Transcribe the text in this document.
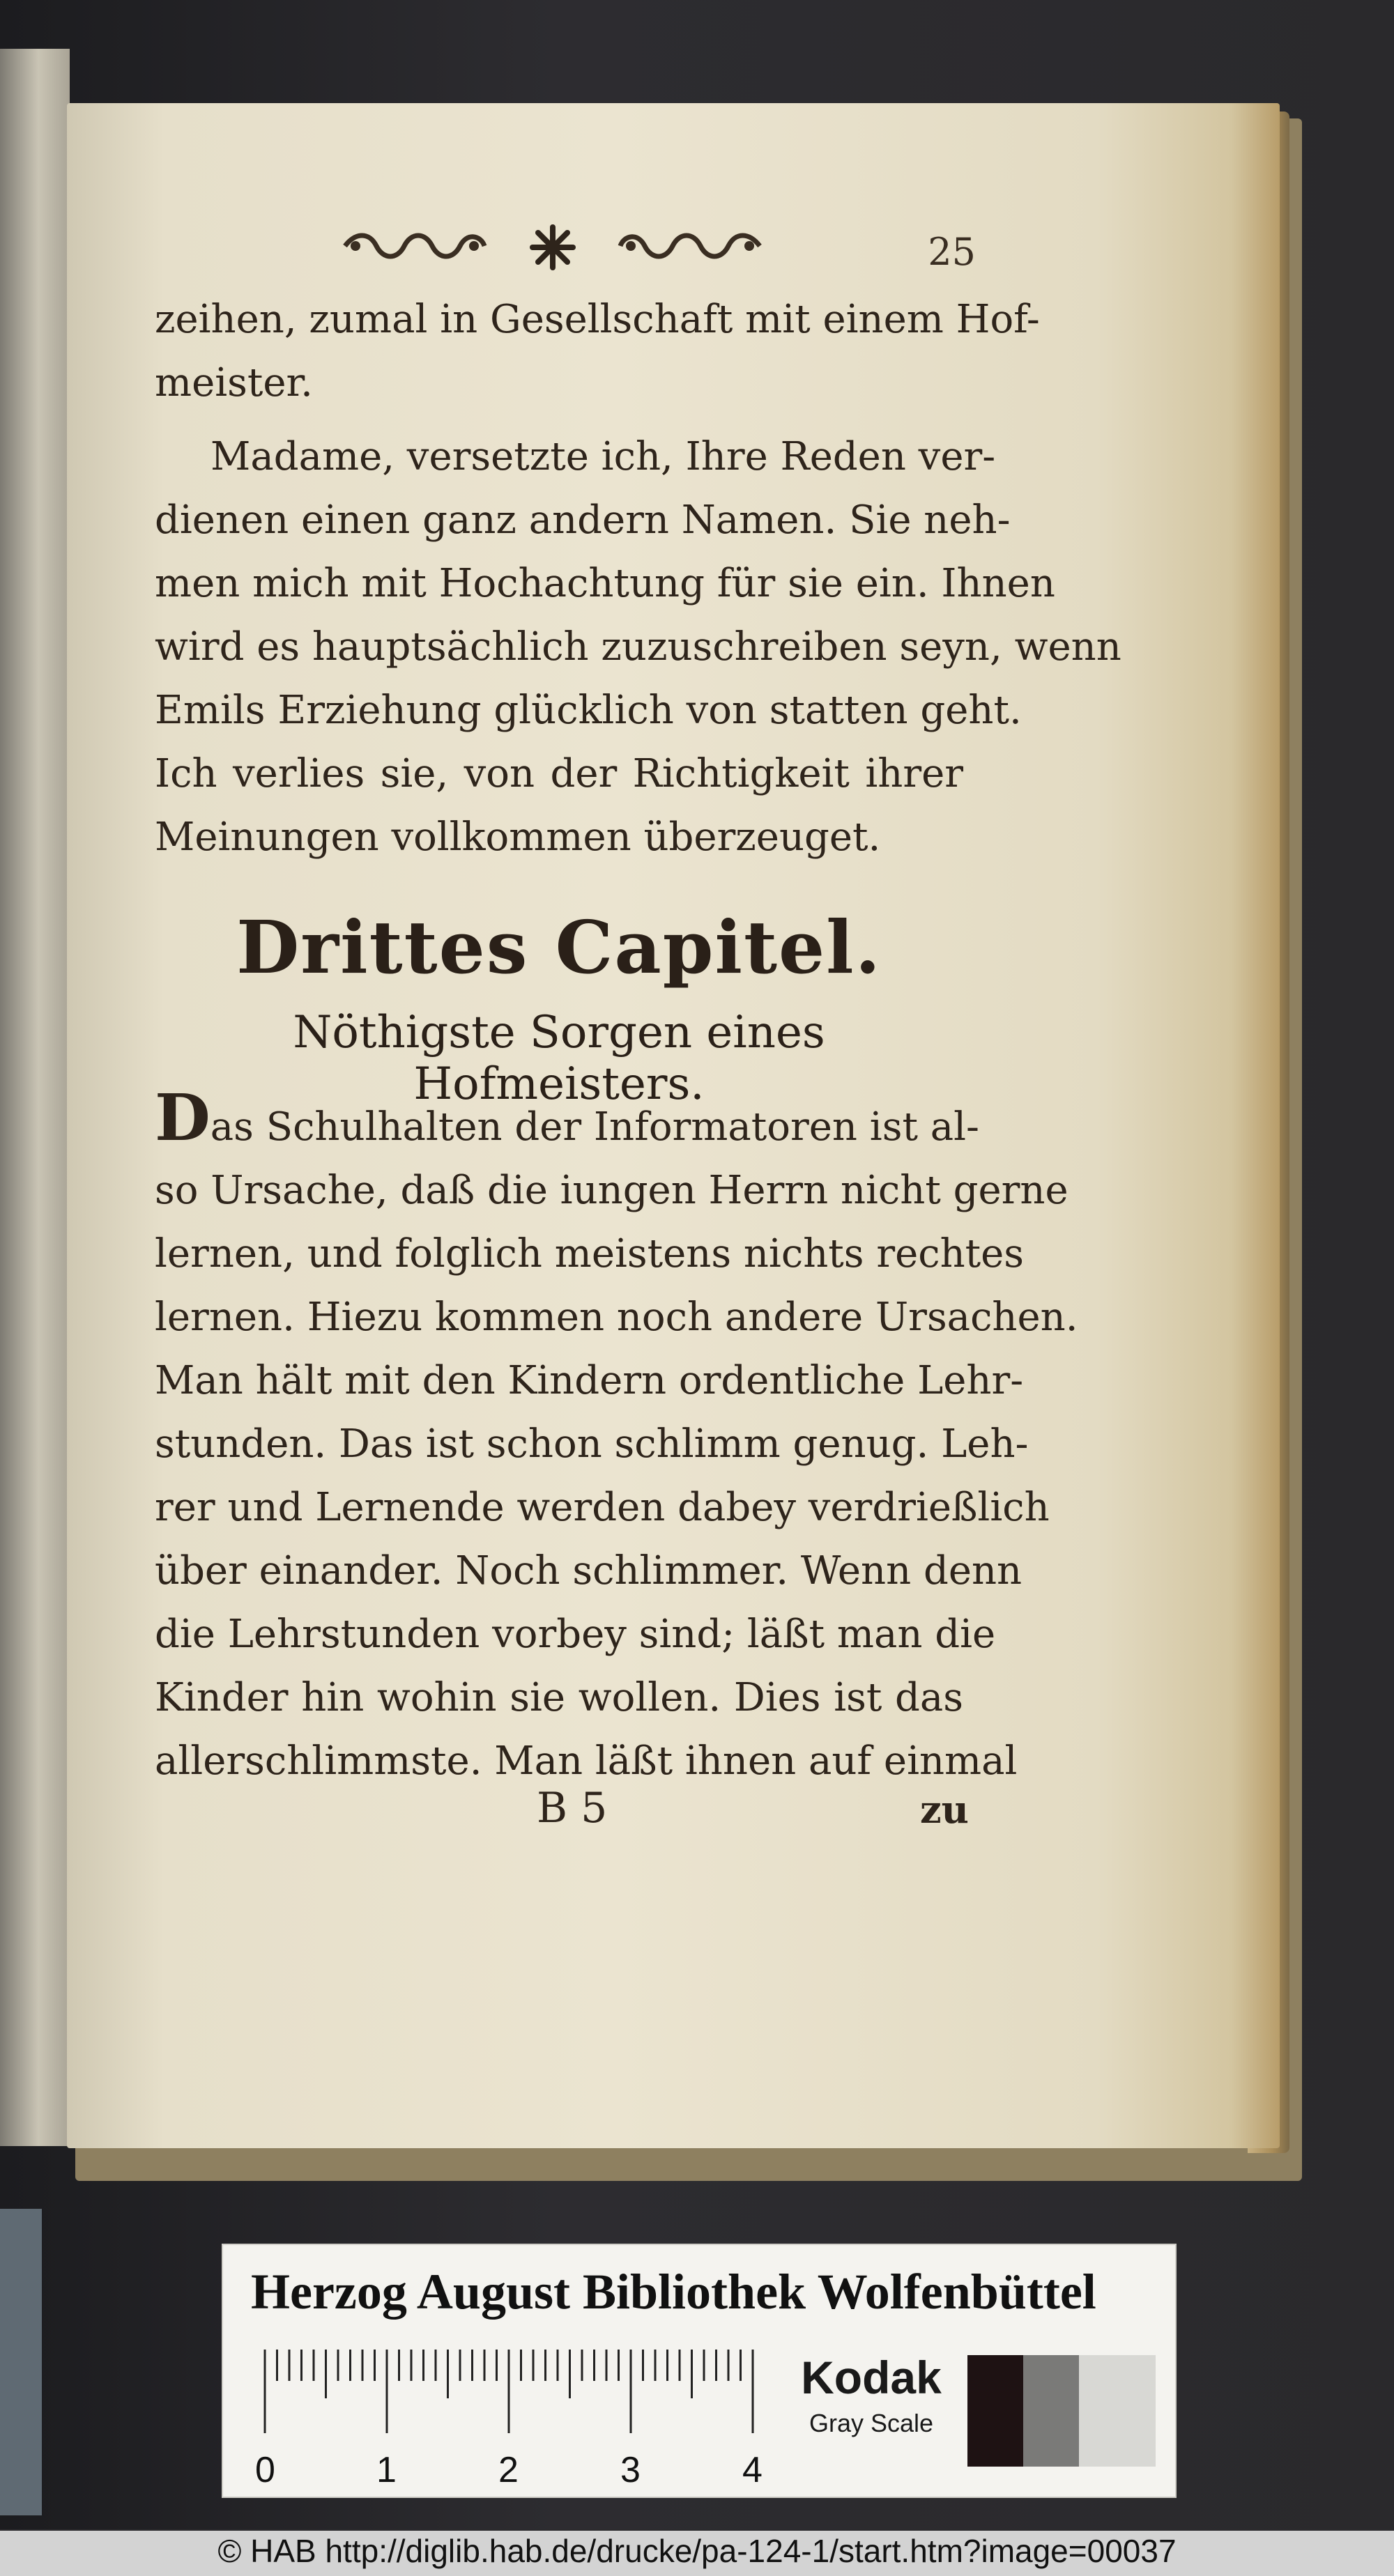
25
zeihen, zumal in Gesellschaft mit einem Hof-
meister.
Madame, versetzte ich, Ihre Reden ver-
dienen einen ganz andern Namen. Sie neh-
men mich mit Hochachtung für sie ein. Ihnen
wird es hauptsächlich zuzuschreiben seyn, wenn
Emils Erziehung glücklich von statten geht.
Ich verlies sie, von der Richtigkeit ihrer
Meinungen vollkommen überzeuget.
Drittes Capitel.
Nöthigste Sorgen eines Hofmeisters.
Das Schulhalten der Informatoren ist al-
so Ursache, daß die iungen Herrn nicht gerne
lernen, und folglich meistens nichts rechtes
lernen. Hiezu kommen noch andere Ursachen.
Man hält mit den Kindern ordentliche Lehr-
stunden. Das ist schon schlimm genug. Leh-
rer und Lernende werden dabey verdrießlich
über einander. Noch schlimmer. Wenn denn
die Lehrstunden vorbey sind; läßt man die
Kinder hin wohin sie wollen. Dies ist das
allerschlimmste. Man läßt ihnen auf einmal
B 5	zu
Herzog August Bibliothek Wolfenbüttel
0	1	2	3	4
Kodak
Gray Scale
© HAB http://diglib.hab.de/drucke/pa-124-1/start.htm?image=00037
